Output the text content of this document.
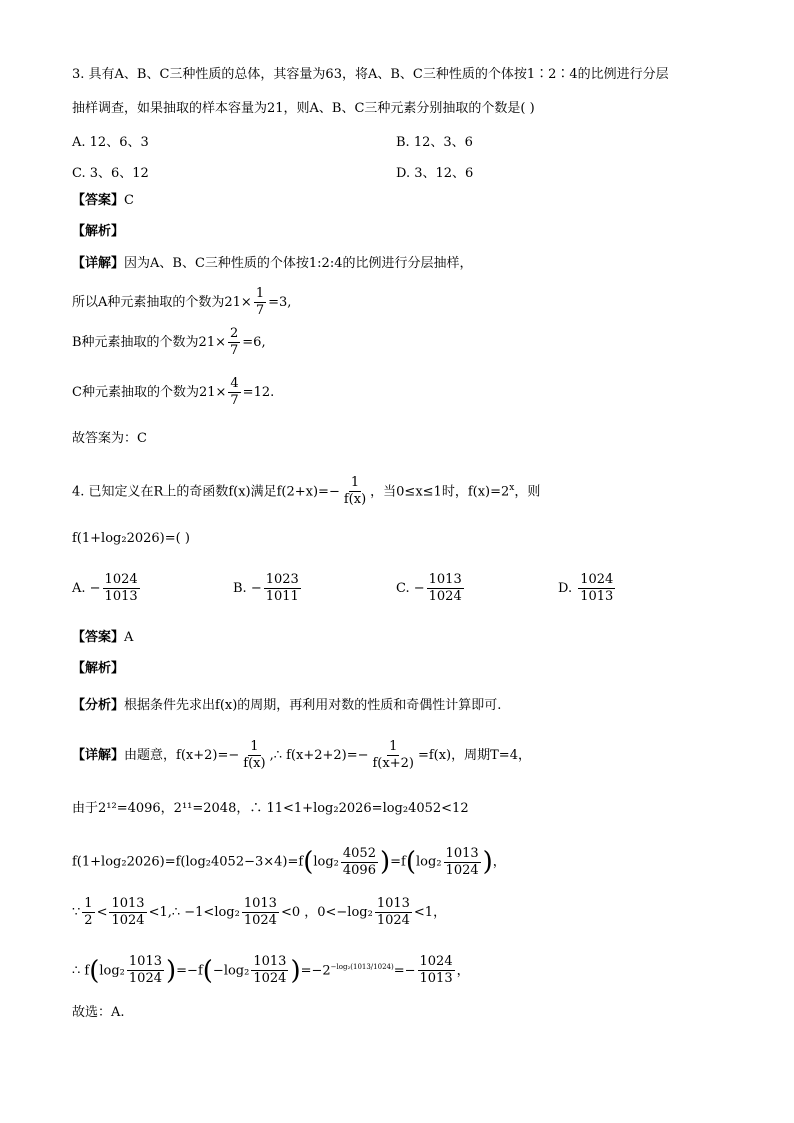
3. 具有A、B、C三种性质的总体，其容量为63，将A、B、C三种性质的个体按1∶2∶4的比例进行分层
抽样调查，如果抽取的样本容量为21，则A、B、C三种元素分别抽取的个数是( )
A. 12、6、3	B. 12、3、6
C. 3、6、12	D. 3、12、6
【答案】C
【解析】
【详解】因为A、B、C三种性质的个体按1:2:4的比例进行分层抽样，
所以A种元素抽取的个数为$21\times \frac{1}{7} =3$,
B种元素抽取的个数为$21\times \frac{2}{7} =6$,
C种元素抽取的个数为$21\times \frac{4}{7} =12$.
故答案为：C
4. 已知定义在R上的奇函数f(x)满足$f(2+x)=- \frac{1}{f(x)}$ ，当0≤x≤1时，$f(x)=2^x$，则
f(1+log₂2026)=( )
A. − $\frac{1024}{1013}$	B. − $\frac{1023}{1011}$	C. − $\frac{1013}{1024}$	D. $\frac{1024}{1013}$
【答案】A
【解析】
【分析】根据条件先求出f(x)的周期，再利用对数的性质和奇偶性计算即可.
【详解】由题意，$f(x+2)=- \frac{1}{f(x)}$ ,∴ $f(x+2+2)=- \frac{1}{f(x+2)} =f(x)$，周期T=4，
由于2¹²=4096，2¹¹=2048，∴ 11<1+log₂2026=log₂4052<12
$f(1+\log_22026)=f(\log_24052-3\times 4)=f(\log_2 \frac{4052}{4096} )=f(\log_2 \frac{1013}{1024}$ )，
∵ $\frac{1}{2} < \frac{1013}{1024}$ <1,∴ $-1<\log_2 \frac{1013}{1024} <0$ ，$0<-\log_2 \frac{1013}{1024} <1$，
∴ $f(\log_2 \frac{1013}{1024} )=-f(-\log_2 \frac{1013}{1024} )=-2^{-log_2(1013/1024)}=- \frac{1024}{1013}$ ，
故选：A.
